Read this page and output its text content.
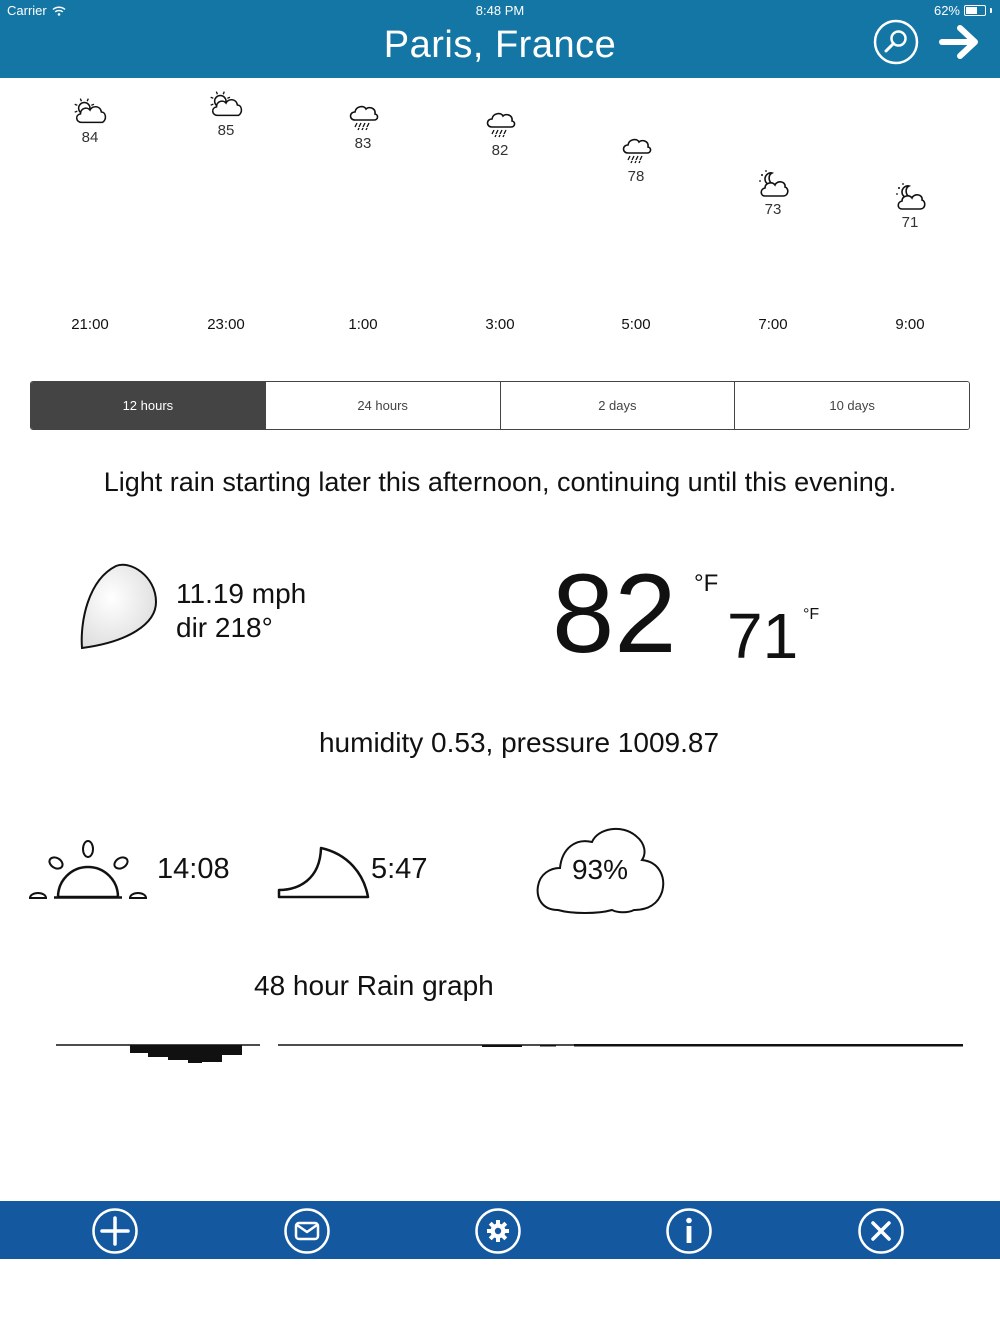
Carrier	8:48 PM	62%
Paris, France
84
21:00
85
23:00
83
1:00
82
3:00
78
5:00
73
7:00
71
9:00
12 hours	24 hours	2 days	10 days
Light rain starting later this afternoon, continuing until this evening.
11.19 mph
dir 218° 82 °F
71 °F
humidity 0.53, pressure 1009.87
14:08	5:47	93%
48 hour Rain graph
